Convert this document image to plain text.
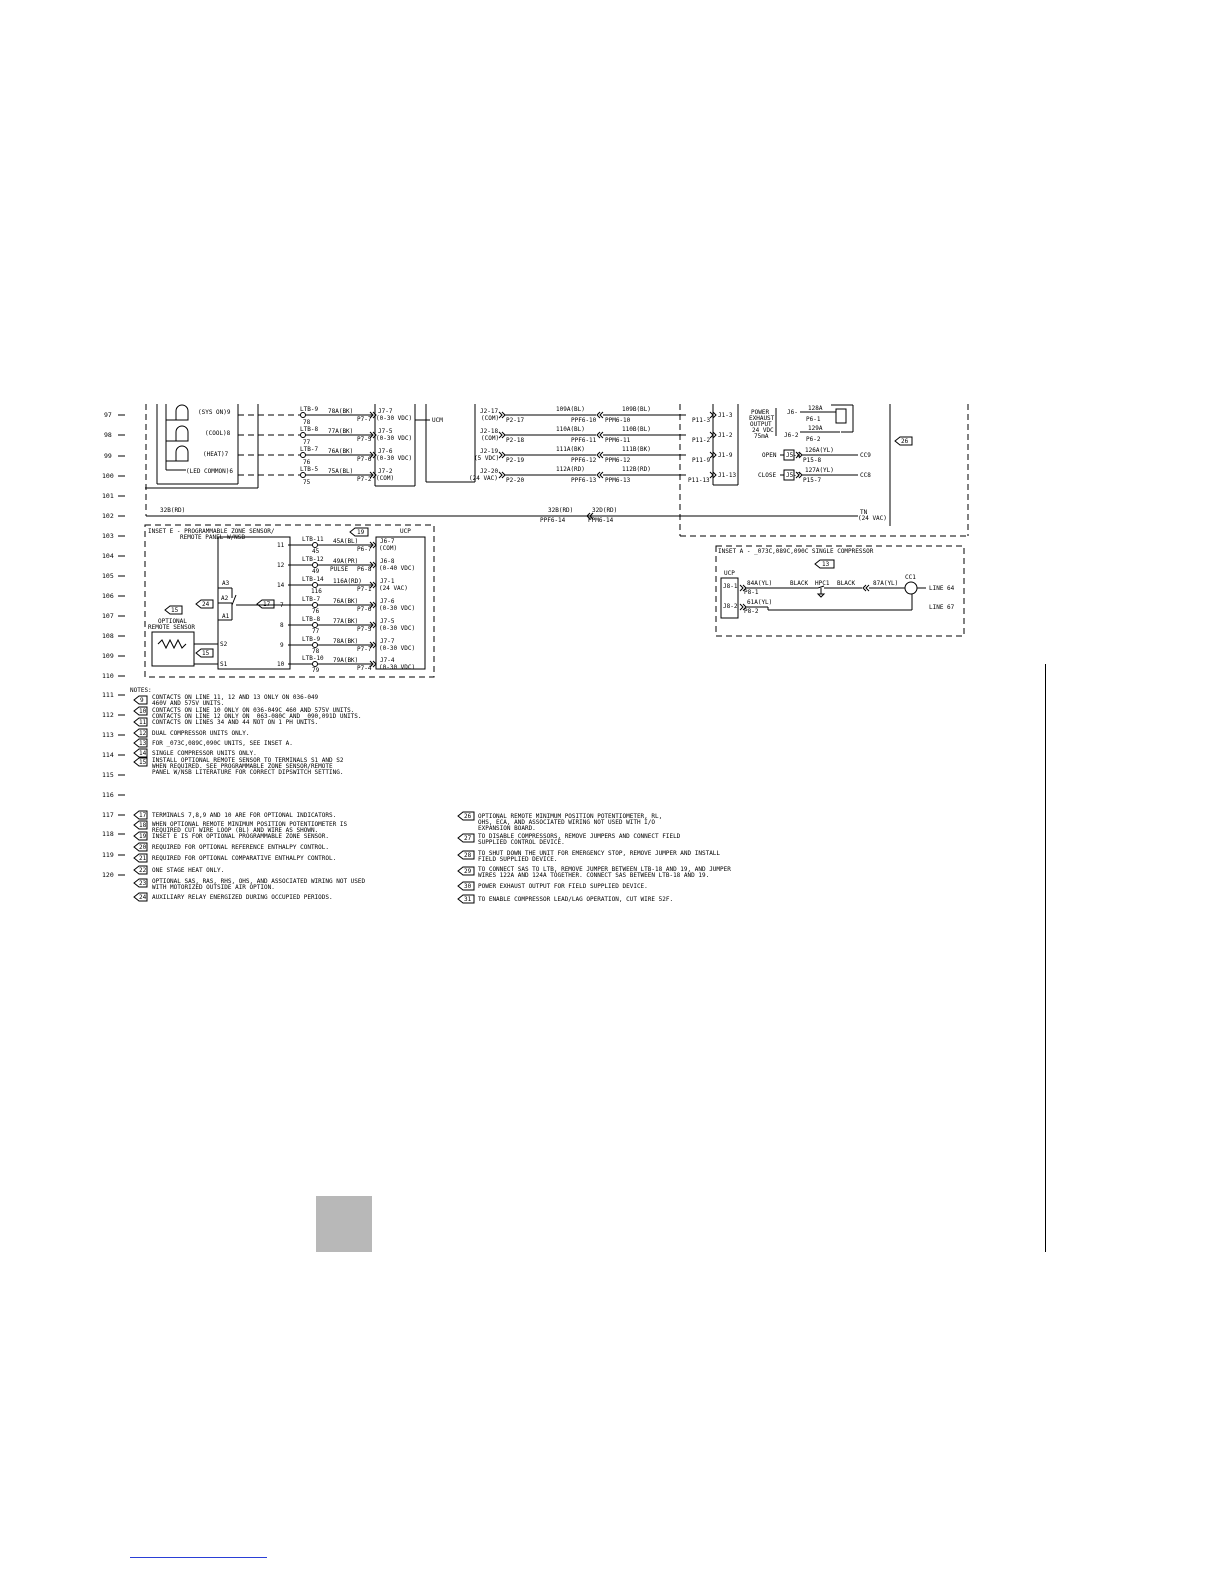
97
98
99
100
101
102
103
104
105
106
107
108
109
110
111
112
113
114
115
116
117
118
119
120
(SYS ON)9
(COOL)8
(HEAT)7
(LED COMMON)6
LTB-9
78
78A(BK)
P7-7
J7-7
(0-30 VDC)
LTB-8
77
77A(BK)
P7-5
J7-5
(0-30 VDC)
LTB-7
76
76A(BK)
P7-6
J7-6
(0-30 VDC)
LTB-5
75
75A(BL)
P7-2
J7-2
(COM)
UCM
J2-17
(COM) P2-17
109A(BL)
PPF6-10 PPM6-10
109B(BL)
P11-3
J1-3
J2-18
(COM) P2-18
110A(BL)
PPF6-11 PPM6-11
110B(BL)
P11-2
J1-2
J2-19
(5 VDC) P2-19
111A(BK)
PPF6-12 PPM6-12
111B(BK)
P11-9
J1-9
J2-20
(24 VAC) P2-20
112A(RD)
PPF6-13 PPM6-13
112B(RD)
P11-13
J1-13
POWER
EXHAUST
OUTPUT
24 VDC
75mA
J6-
J6-2
128A
P6-1
129A
P6-2	26
OPEN J5-8
126A(YL)
P15-8
CC9
CLOSE J5-7
127A(YL)
P15-7
CC8
32B(RD)	32B(RD)
PPF6-14
32D(RD)
PPM6-14
TN
(24 VAC)
INSET E - PROGRAMMABLE ZONE SENSOR/
REMOTE PANEL W/NSB
19	UCP
11
LTB-11
45
45A(BL)
P6-7
J6-7
(COM)
12
LTB-12
49
49A(PR)
PULSE P6-8
J6-8
(0-40 VDC)
14
LTB-14
116
116A(RD)
P7-1
J7-1
(24 VAC)
7
LTB-7
76
76A(BK)
P7-6
J7-6
(0-30 VDC)
8
LTB-8
77
77A(BK)
P7-5
J7-5
(0-30 VDC)
9
LTB-9
78
78A(BK)
P7-7
J7-7
(0-30 VDC)
10
LTB-10
79
79A(BK)
P7-4
J7-4
(0-30 VDC)
A3
A2
A1
24	17
15
OPTIONAL
REMOTE SENSOR
S2
15
S1
INSET A - _073C,089C,090C SINGLE COMPRESSOR
13
UCP
J8-1
J8-2
84A(YL)
P8-1
61A(YL)
P8-2
BLACK HPC1 BLACK	87A(YL)
CC1
LINE 64
LINE 67
NOTES:
9 CONTACTS ON LINE 11, 12 AND 13 ONLY ON 036-049
460V AND 575V UNITS.
10 CONTACTS ON LINE 10 ONLY ON 036-049C 460 AND 575V UNITS.
CONTACTS ON LINE 12 ONLY ON _063-080C AND _090,091D UNITS.
11 CONTACTS ON LINES 34 AND 44 NOT ON 1 PH UNITS.
12 DUAL COMPRESSOR UNITS ONLY.
13 FOR _073C,089C,090C UNITS, SEE INSET A.
14 SINGLE COMPRESSOR UNITS ONLY.
15 INSTALL OPTIONAL REMOTE SENSOR TO TERMINALS S1 AND S2
WHEN REQUIRED. SEE PROGRAMMABLE ZONE SENSOR/REMOTE
PANEL W/NSB LITERATURE FOR CORRECT DIPSWITCH SETTING.
17 TERMINALS 7,8,9 AND 10 ARE FOR OPTIONAL INDICATORS.
18 WHEN OPTIONAL REMOTE MINIMUM POSITION POTENTIOMETER IS
REQUIRED CUT WIRE LOOP (BL) AND WIRE AS SHOWN.
19 INSET E IS FOR OPTIONAL PROGRAMMABLE ZONE SENSOR.
20 REQUIRED FOR OPTIONAL REFERENCE ENTHALPY CONTROL.
21 REQUIRED FOR OPTIONAL COMPARATIVE ENTHALPY CONTROL.
22 ONE STAGE HEAT ONLY.
23 OPTIONAL SAS, RAS, RHS, OHS, AND ASSOCIATED WIRING NOT USED
WITH MOTORIZED OUTSIDE AIR OPTION.
24 AUXILIARY RELAY ENERGIZED DURING OCCUPIED PERIODS.
26 OPTIONAL REMOTE MINIMUM POSITION POTENTIOMETER, RL,
OHS, ECA, AND ASSOCIATED WIRING NOT USED WITH I/O
EXPANSION BOARD.
27 TO DISABLE COMPRESSORS, REMOVE JUMPERS AND CONNECT FIELD
SUPPLIED CONTROL DEVICE.
28 TO SHUT DOWN THE UNIT FOR EMERGENCY STOP, REMOVE JUMPER AND INSTALL
FIELD SUPPLIED DEVICE.
29 TO CONNECT SAS TO LTB, REMOVE JUMPER BETWEEN LTB-18 AND 19, AND JUMPER
WIRES 122A AND 124A TOGETHER. CONNECT SAS BETWEEN LTB-18 AND 19.
30 POWER EXHAUST OUTPUT FOR FIELD SUPPLIED DEVICE.
31 TO ENABLE COMPRESSOR LEAD/LAG OPERATION, CUT WIRE 52F.
